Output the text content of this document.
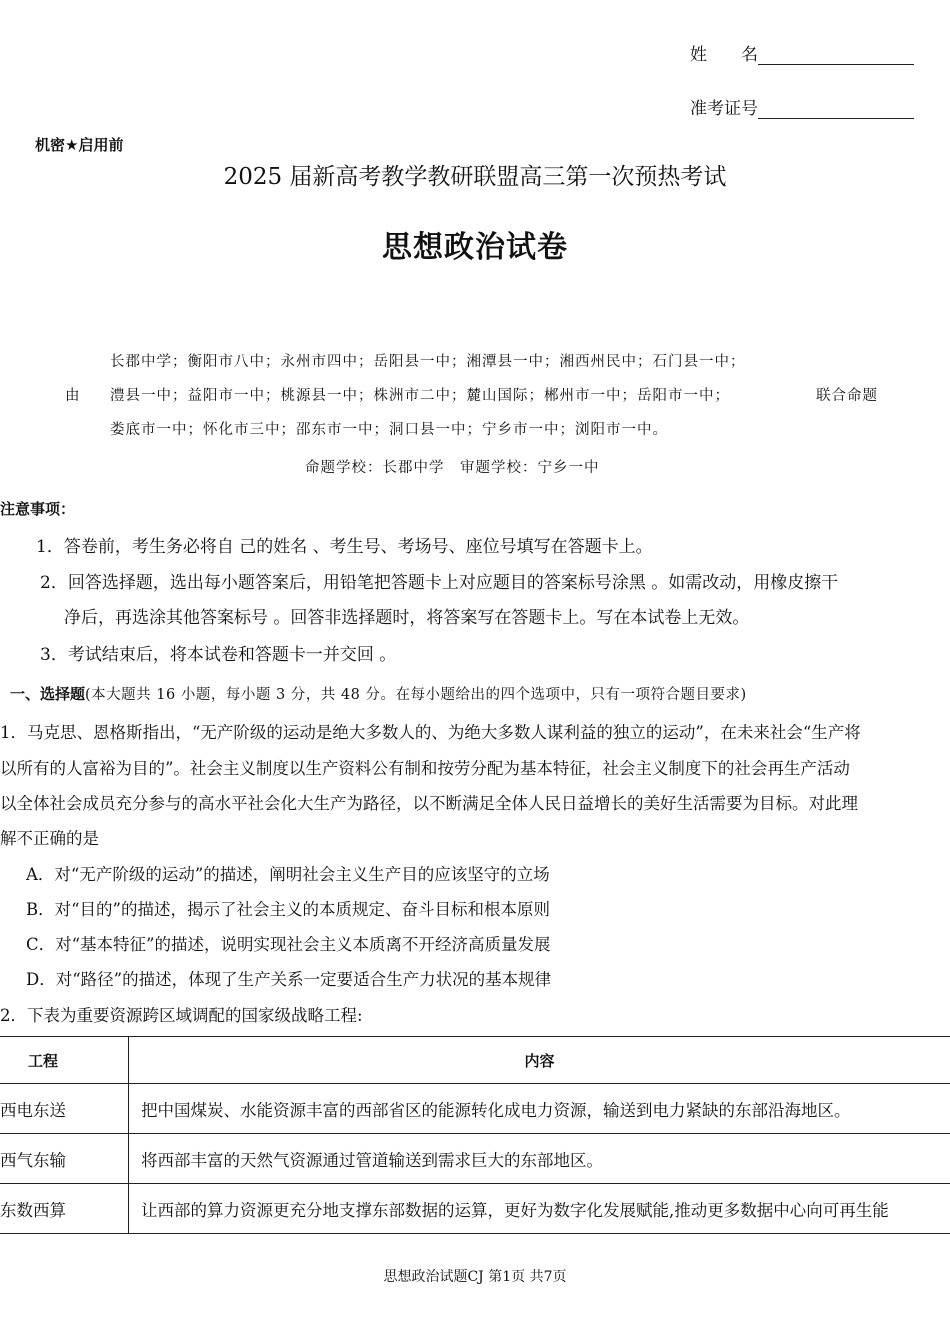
姓　　名
准考证号
机密★启用前
2025 届新高考教学教研联盟高三第一次预热考试
思想政治试卷
由
长郡中学；衡阳市八中；永州市四中；岳阳县一中；湘潭县一中；湘西州民中；石门县一中；
澧县一中；益阳市一中；桃源县一中；株洲市二中；麓山国际；郴州市一中；岳阳市一中；	联合命题
娄底市一中；怀化市三中；邵东市一中；洞口县一中；宁乡市一中；浏阳市一中。
命题学校：长郡中学　审题学校：宁乡一中
注意事项：
1．答卷前，考生务必将自 己的姓名 、考生号、考场号、座位号填写在答题卡上。
2．回答选择题，选出每小题答案后，用铅笔把答题卡上对应题目的答案标号涂黑 。如需改动，用橡皮擦干
净后，再选涂其他答案标号 。回答非选择题时，将答案写在答题卡上。写在本试卷上无效。
3．考试结束后，将本试卷和答题卡一并交回 。
一、选择题(本大题共 16 小题，每小题 3 分，共 48 分。在每小题给出的四个选项中，只有一项符合题目要求)
1．马克思、恩格斯指出，“无产阶级的运动是绝大多数人的、为绝大多数人谋利益的独立的运动”，在未来社会“生产将
以所有的人富裕为目的”。社会主义制度以生产资料公有制和按劳分配为基本特征，社会主义制度下的社会再生产活动
以全体社会成员充分参与的高水平社会化大生产为路径，以不断满足全体人民日益增长的美好生活需要为目标。对此理
解不正确的是
A．对“无产阶级的运动”的描述，阐明社会主义生产目的应该坚守的立场
B．对“目的”的描述，揭示了社会主义的本质规定、奋斗目标和根本原则
C．对“基本特征”的描述，说明实现社会主义本质离不开经济高质量发展
D．对“路径”的描述，体现了生产关系一定要适合生产力状况的基本规律
2．下表为重要资源跨区域调配的国家级战略工程:
工程	内容
西电东送	把中国煤炭、水能资源丰富的西部省区的能源转化成电力资源，输送到电力紧缺的东部沿海地区。
西气东输	将西部丰富的天然气资源通过管道输送到需求巨大的东部地区。
东数西算	让西部的算力资源更充分地支撑东部数据的运算，更好为数字化发展赋能,推动更多数据中心向可再生能
思想政治试题CJ 第1页 共7页
